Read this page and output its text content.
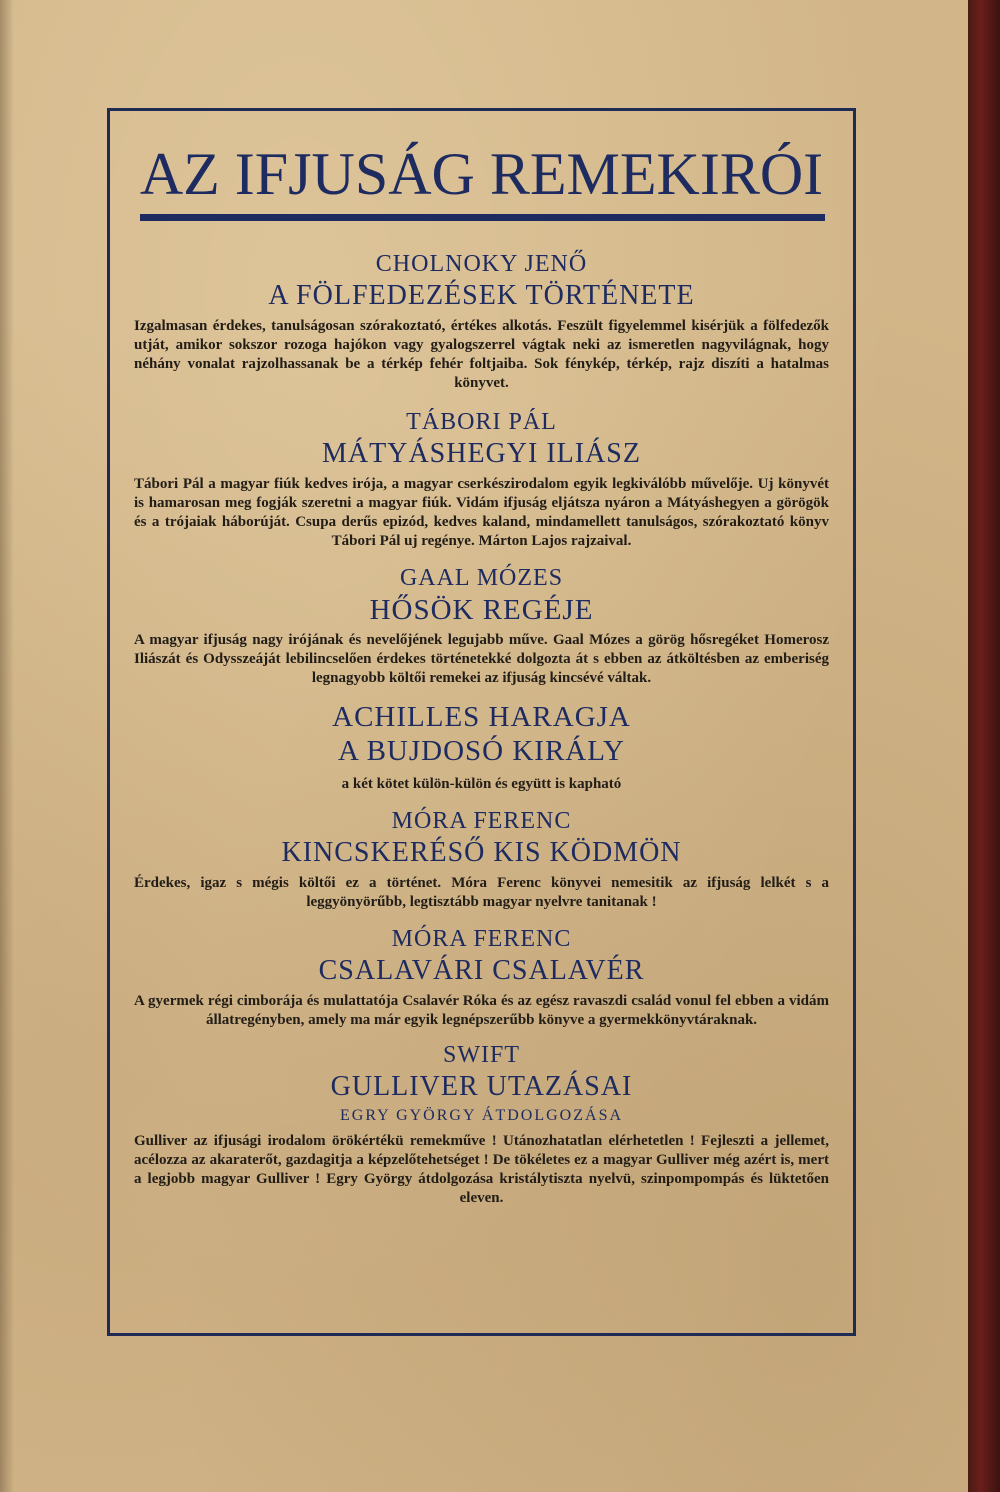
AZ IFJUSÁG REMEKIRÓI
CHOLNOKY JENŐ
A FÖLFEDEZÉSEK TÖRTÉNETE

Izgalmasan érdekes, tanulságosan szórakoztató, értékes alkotás. Feszült figyelemmel kisérjük a fölfedezők utját, amikor sokszor rozoga hajókon vagy gyalogszerrel vágtak neki az ismeretlen nagyvilágnak, hogy néhány vonalat rajzolhassanak be a térkép fehér foltjaiba. Sok fénykép, térkép, rajz diszíti a hatalmas könyvet.

TÁBORI PÁL
MÁTYÁSHEGYI ILIÁSZ

Tábori Pál a magyar fiúk kedves irója, a magyar cserkészirodalom egyik legkiválóbb művelője. Uj könyvét is hamarosan meg fogják szeretni a magyar fiúk. Vidám ifjuság eljátsza nyáron a Mátyáshegyen a görögök és a trójaiak háborúját. Csupa derűs epizód, kedves kaland, mindamellett tanulságos, szórakoztató könyv Tábori Pál uj regénye. Márton Lajos rajzaival.

GAAL MÓZES
HŐSÖK REGÉJE

A magyar ifjuság nagy irójának és nevelőjének legujabb műve. Gaal Mózes a görög hősregéket Homerosz Iliászát és Odysszeáját lebilincselően érdekes történetekké dolgozta át s ebben az átköltésben az emberiség legnagyobb költői remekei az ifjuság kincsévé váltak.

ACHILLES HARAGJA
A BUJDOSÓ KIRÁLY
a két kötet külön-külön és együtt is kapható
MÓRA FERENC
KINCSKERÉSŐ KIS KÖDMÖN

Érdekes, igaz s mégis költői ez a történet. Móra Ferenc könyvei nemesitik az ifjuság lelkét s a leggyönyörűbb, legtisztább magyar nyelvre tanitanak !

MÓRA FERENC
CSALAVÁRI CSALAVÉR

A gyermek régi cimborája és mulattatója Csalavér Róka és az egész ravaszdi család vonul fel ebben a vidám állatregényben, amely ma már egyik legnépszerűbb könyve a gyermekkönyvtáraknak.

SWIFT
GULLIVER UTAZÁSAI
EGRY GYÖRGY ÁTDOLGOZÁSA

Gulliver az ifjusági irodalom örökértékü remekműve ! Utánozhatatlan elérhetetlen ! Fejleszti a jellemet, acélozza az akaraterőt, gazdagitja a képzelőtehetséget ! De tökéletes ez a magyar Gulliver még azért is, mert a legjobb magyar Gulliver ! Egry György átdolgozása kristálytiszta nyelvü, szinpompompás és lüktetően eleven.
